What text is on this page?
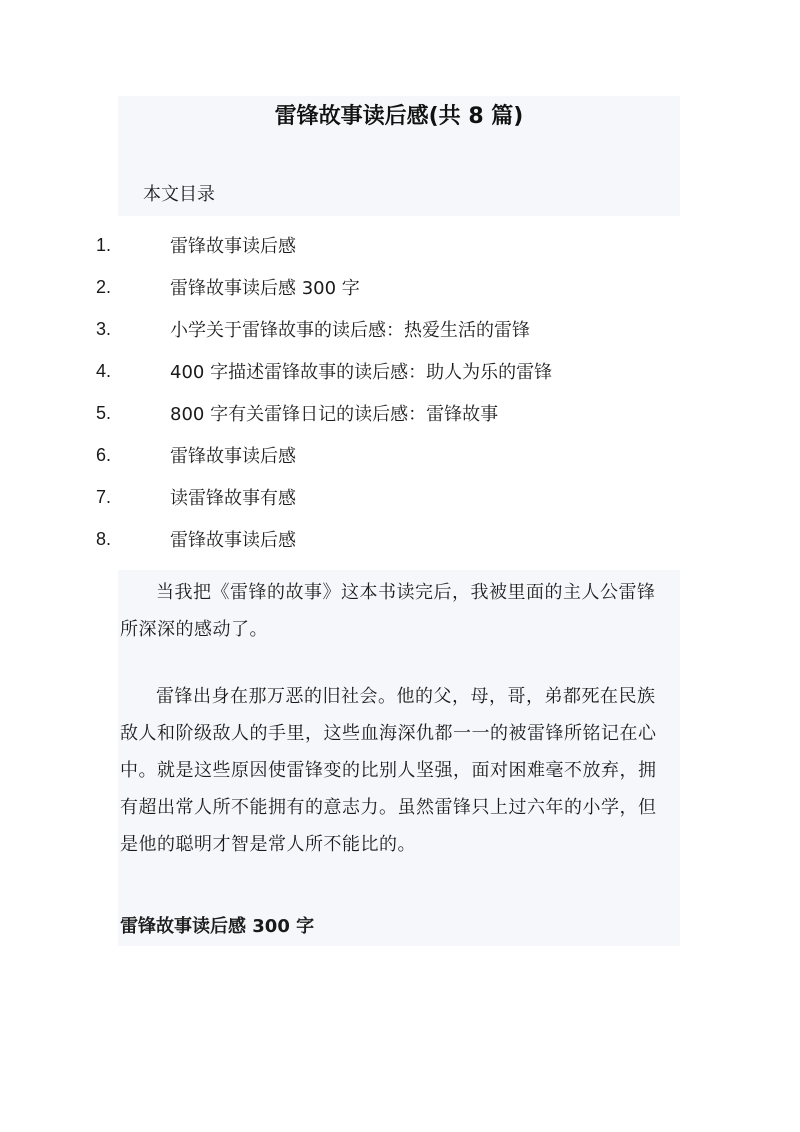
雷锋故事读后感(共 8 篇)
本文目录
1.	雷锋故事读后感
2.	雷锋故事读后感 300 字
3.	小学关于雷锋故事的读后感：热爱生活的雷锋
4.	400 字描述雷锋故事的读后感：助人为乐的雷锋
5.	800 字有关雷锋日记的读后感：雷锋故事
6.	雷锋故事读后感
7.	读雷锋故事有感
8.	雷锋故事读后感

当我把《雷锋的故事》这本书读完后，我被里面的主人公雷锋所深深的感动了。

雷锋出身在那万恶的旧社会。他的父，母，哥，弟都死在民族敌人和阶级敌人的手里，这些血海深仇都一一的被雷锋所铭记在心中。就是这些原因使雷锋变的比别人坚强，面对困难毫不放弃，拥有超出常人所不能拥有的意志力。虽然雷锋只上过六年的小学，但是他的聪明才智是常人所不能比的。

雷锋故事读后感 300 字
